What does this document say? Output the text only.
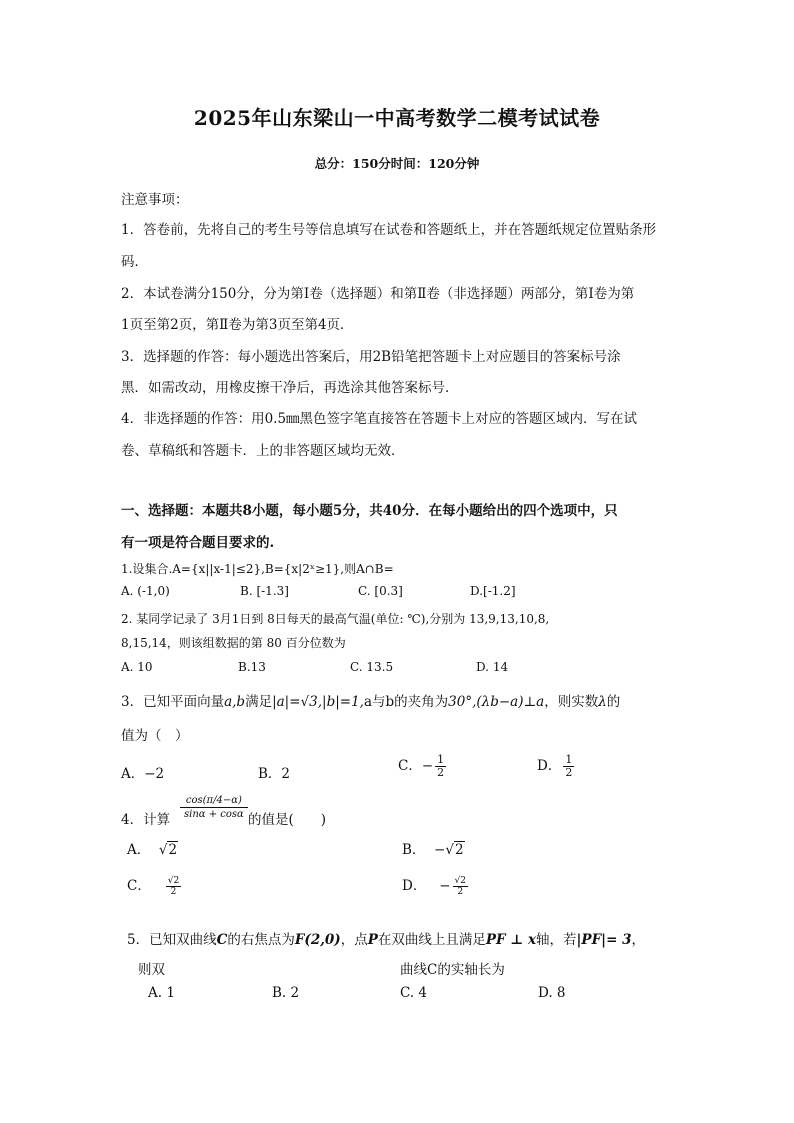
2025年山东梁山一中高考数学二模考试试卷
总分：150分时间：120分钟
注意事项：
1．答卷前，先将自己的考生号等信息填写在试卷和答题纸上，并在答题纸规定位置贴条形
码．
2．本试卷满分150分，分为第Ⅰ卷（选择题）和第Ⅱ卷（非选择题）两部分，第Ⅰ卷为第
1页至第2页，第Ⅱ卷为第3页至第4页．
3．选择题的作答：每小题选出答案后，用2B铅笔把答题卡上对应题目的答案标号涂
黑．如需改动，用橡皮擦干净后，再选涂其他答案标号．
4．非选择题的作答：用0.5㎜黑色签字笔直接答在答题卡上对应的答题区域内．写在试
卷、草稿纸和答题卡．上的非答题区域均无效．
一、选择题：本题共8小题，每小题5分，共40分．在每小题给出的四个选项中，只
有一项是符合题目要求的.
1.设集合.A={x||x-1|≤2},B={x|2ˣ≥1},则A∩B=
A. (-1,0)	B. [-1.3]	C. [0.3]	D.[-1.2]
2. 某同学记录了 3月1日到 8日每天的最高气温(单位: ℃),分别为 13,9,13,10,8,
8,15,14，则该组数据的第 80 百分位数为
A. 10	B.13	C. 13.5	D. 14
3．已知平面向量a,b满足|a|=√3,|b|=1,a与b的夹角为30°,(λb−a)⊥a，则实数λ的
值为（　）
A．−2	B．2	C．− $\frac{1}{2}$	D． $\frac{1}{2}$
4．计算
cos(π/4−α)
sinα + cosα 的值是(　　)
A． √2	B． −√2
C． $\frac{√2}{2}$	D． − $\frac{√2}{2}$
5．已知双曲线C的右焦点为F(2,0)，点P在双曲线上且满足PF ⊥ x轴，若|PF|= 3，
则双	曲线C的实轴长为
A. 1	B. 2	C. 4	D. 8
